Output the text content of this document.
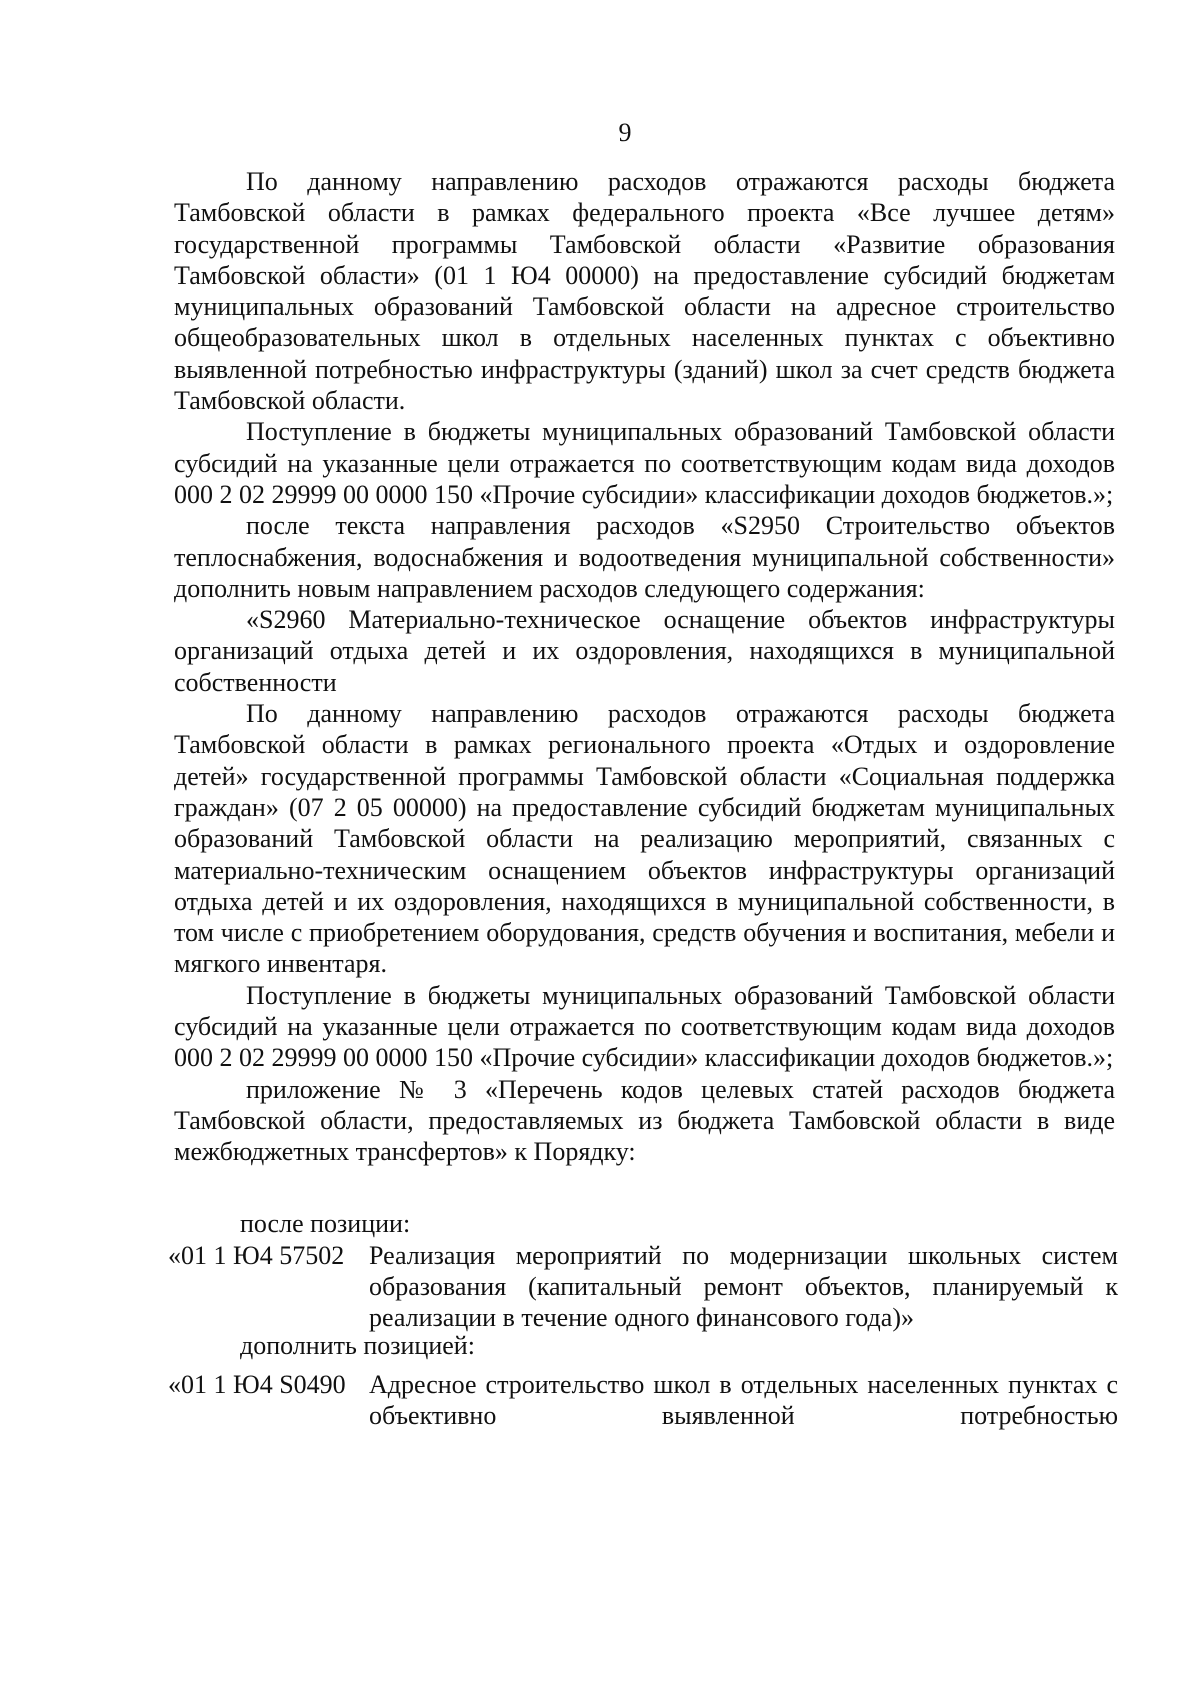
9

По данному направлению расходов отражаются расходы бюджета Тамбовской области в рамках федерального проекта «Все лучшее детям» государственной программы Тамбовской области «Развитие образования Тамбовской области» (01 1 Ю4 00000) на предоставление субсидий бюджетам муниципальных образований Тамбовской области на адресное строительство общеобразовательных школ в отдельных населенных пунктах с объективно выявленной потребностью инфраструктуры (зданий) школ за счет средств бюджета Тамбовской области.

Поступление в бюджеты муниципальных образований Тамбовской области субсидий на указанные цели отражается по соответствующим кодам вида доходов 000 2 02 29999 00 0000 150 «Прочие субсидии» классификации доходов бюджетов.»;

после текста направления расходов «S2950 Строительство объектов теплоснабжения, водоснабжения и водоотведения муниципальной собственности» дополнить новым направлением расходов следующего содержания:

«S2960 Материально-техническое оснащение объектов инфраструктуры организаций отдыха детей и их оздоровления, находящихся в муниципальной собственности

По данному направлению расходов отражаются расходы бюджета Тамбовской области в рамках регионального проекта «Отдых и оздоровление детей» государственной программы Тамбовской области «Социальная поддержка граждан» (07 2 05 00000) на предоставление субсидий бюджетам муниципальных образований Тамбовской области на реализацию мероприятий, связанных с материально-техническим оснащением объектов инфраструктуры организаций отдыха детей и их оздоровления, находящихся в муниципальной собственности, в том числе с приобретением оборудования, средств обучения и воспитания, мебели и мягкого инвентаря.

Поступление в бюджеты муниципальных образований Тамбовской области субсидий на указанные цели отражается по соответствующим кодам вида доходов 000 2 02 29999 00 0000 150 «Прочие субсидии» классификации доходов бюджетов.»;

приложение № 3 «Перечень кодов целевых статей расходов бюджета Тамбовской области, предоставляемых из бюджета Тамбовской области в виде межбюджетных трансфертов» к Порядку:

после позиции:
«01 1 Ю4 57502 Реализация мероприятий по модернизации школьных систем образования (капитальный ремонт объектов, планируемый к реализации в течение одного финансового года)»
дополнить позицией:
«01 1 Ю4 S0490 Адресное строительство школ в отдельных населенных пунктах с объективно выявленной потребностью
